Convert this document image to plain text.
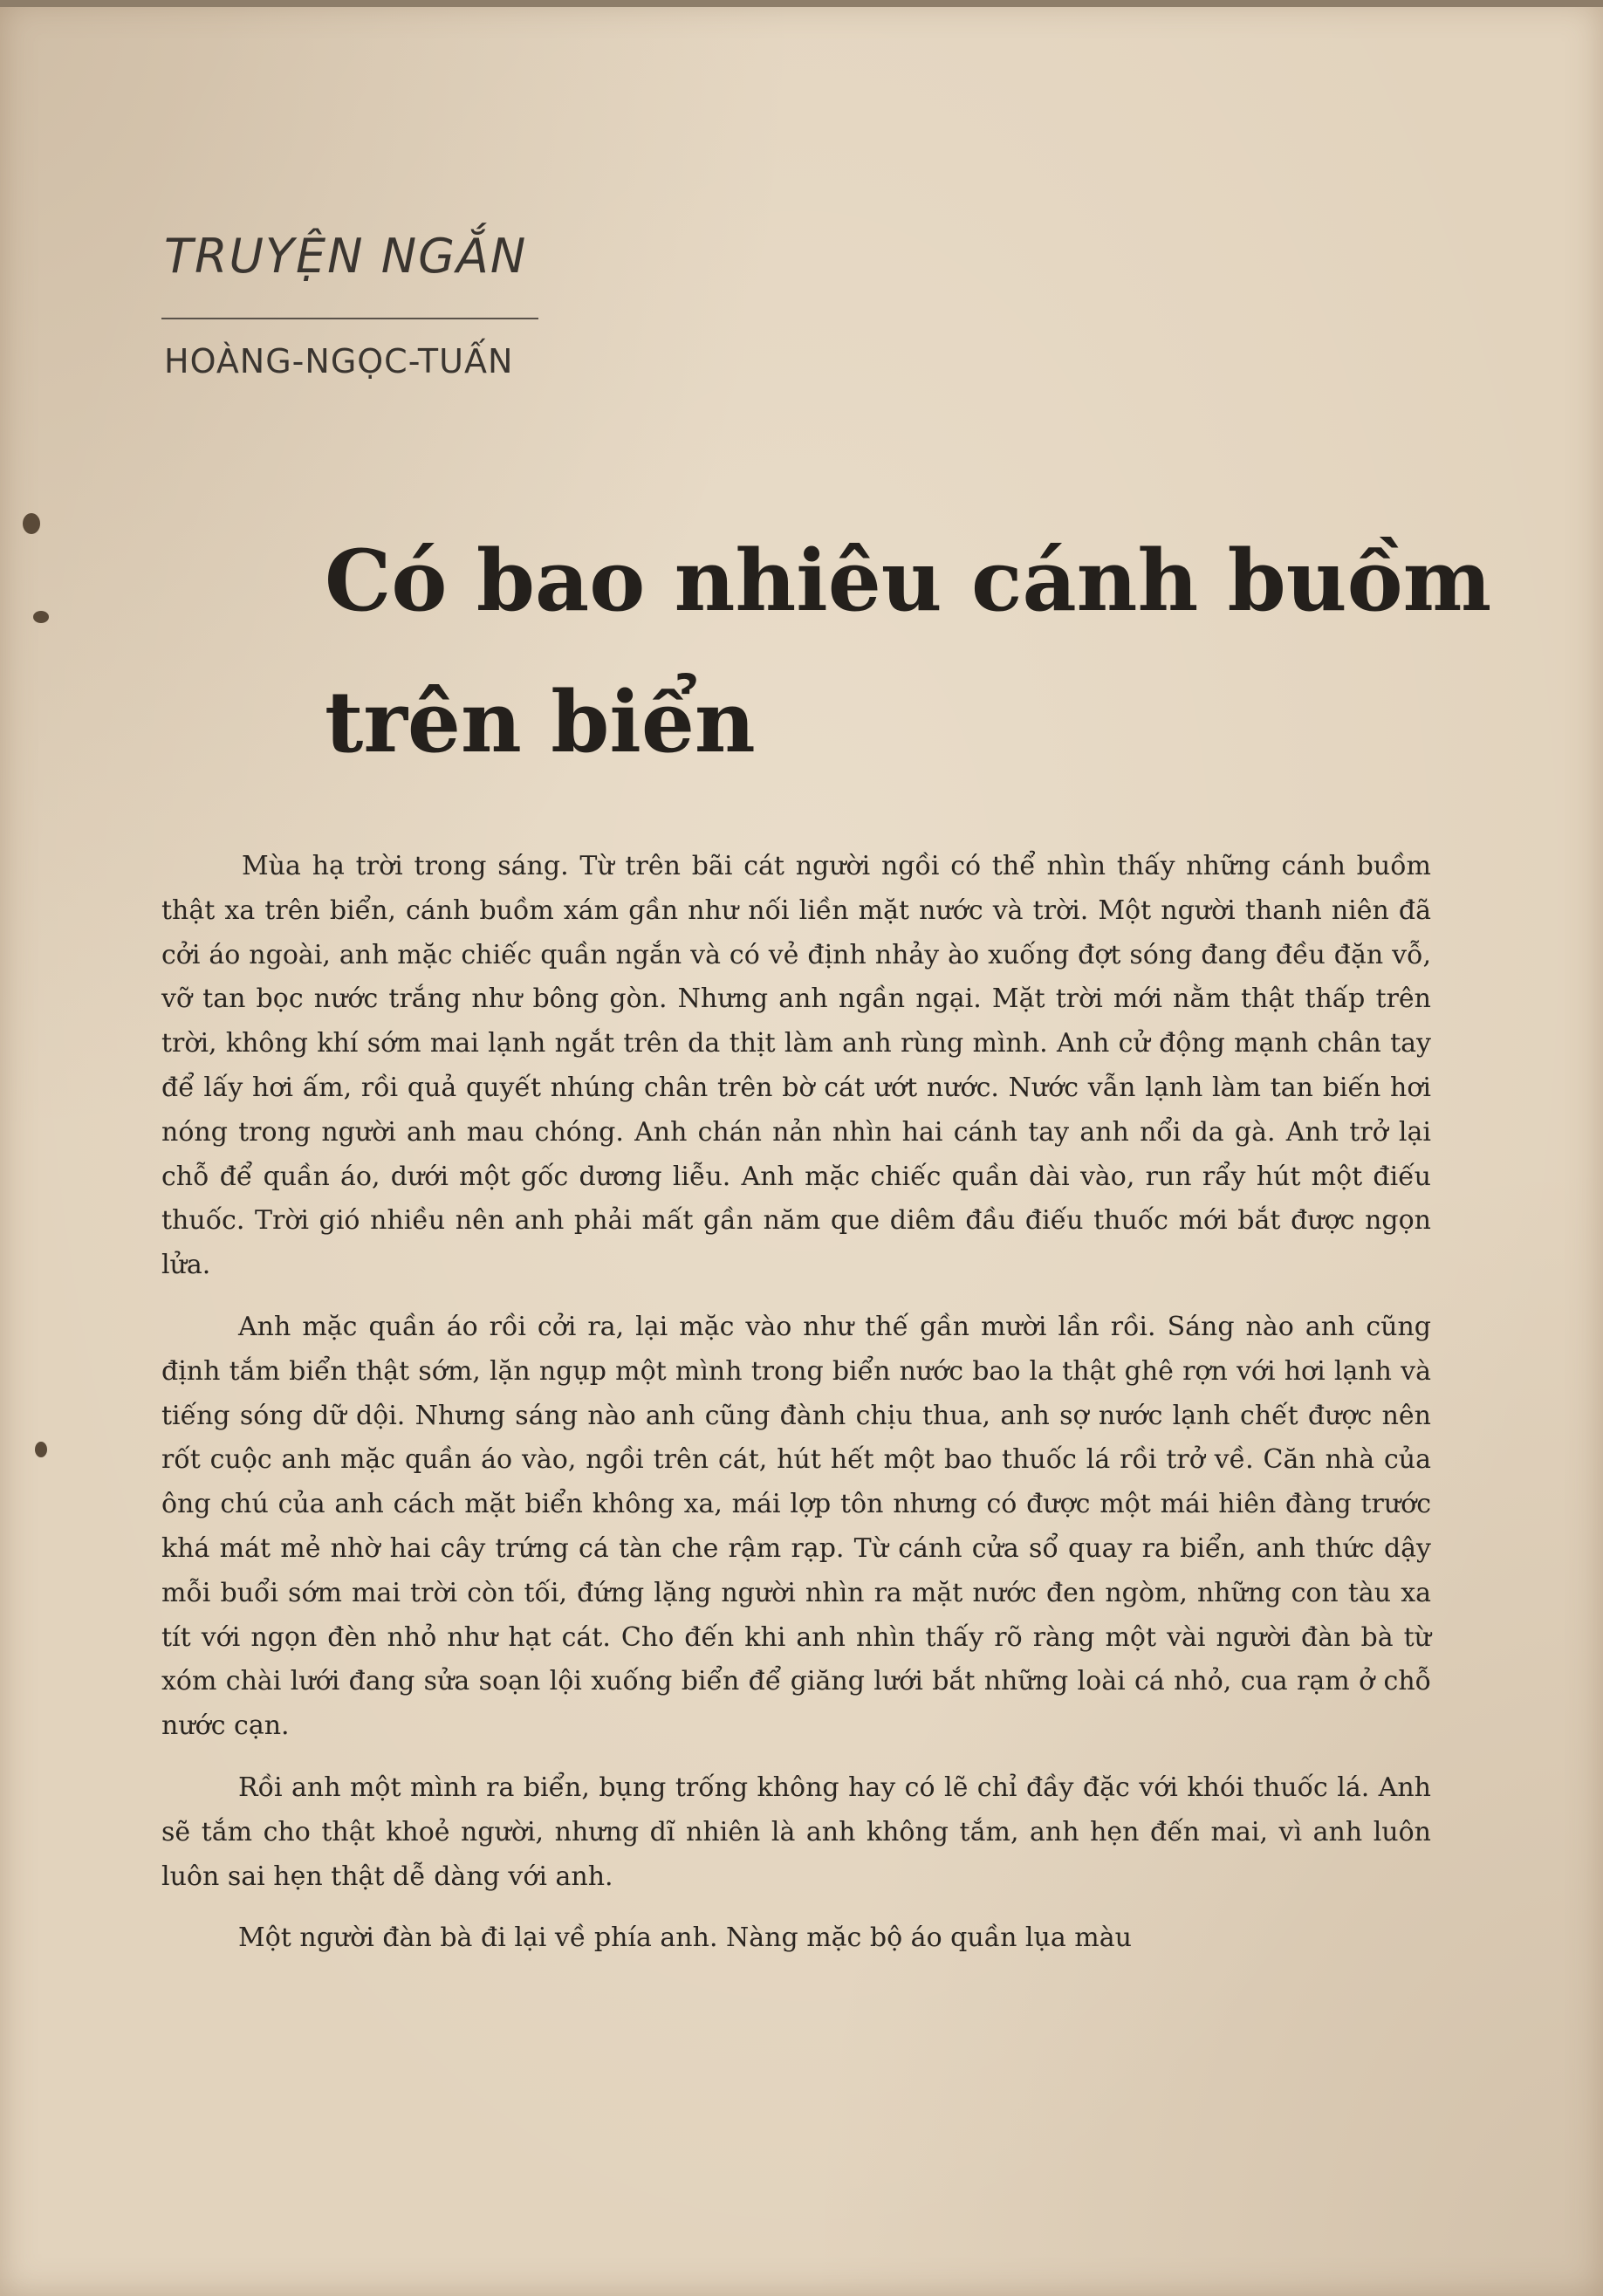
TRUYỆN NGẮN
HOÀNG-NGỌC-TUẤN
Có bao nhiêu cánh buồm
trên biển

Mùa hạ trời trong sáng. Từ trên bãi cát người ngồi có thể nhìn thấy những cánh buồm thật xa trên biển, cánh buồm xám gần như nối liền mặt nước và trời. Một người thanh niên đã cởi áo ngoài, anh mặc chiếc quần ngắn và có vẻ định nhảy ào xuống đợt sóng đang đều đặn vỗ, vỡ tan bọc nước trắng như bông gòn. Nhưng anh ngần ngại. Mặt trời mới nằm thật thấp trên trời, không khí sớm mai lạnh ngắt trên da thịt làm anh rùng mình. Anh cử động mạnh chân tay để lấy hơi ấm, rồi quả quyết nhúng chân trên bờ cát ướt nước. Nước vẫn lạnh làm tan biến hơi nóng trong người anh mau chóng. Anh chán nản nhìn hai cánh tay anh nổi da gà. Anh trở lại chỗ để quần áo, dưới một gốc dương liễu. Anh mặc chiếc quần dài vào, run rẩy hút một điếu thuốc. Trời gió nhiều nên anh phải mất gần năm que diêm đầu điếu thuốc mới bắt được ngọn lửa.

Anh mặc quần áo rồi cởi ra, lại mặc vào như thế gần mười lần rồi. Sáng nào anh cũng định tắm biển thật sớm, lặn ngụp một mình trong biển nước bao la thật ghê rợn với hơi lạnh và tiếng sóng dữ dội. Nhưng sáng nào anh cũng đành chịu thua, anh sợ nước lạnh chết được nên rốt cuộc anh mặc quần áo vào, ngồi trên cát, hút hết một bao thuốc lá rồi trở về. Căn nhà của ông chú của anh cách mặt biển không xa, mái lợp tôn nhưng có được một mái hiên đàng trước khá mát mẻ nhờ hai cây trứng cá tàn che rậm rạp. Từ cánh cửa sổ quay ra biển, anh thức dậy mỗi buổi sớm mai trời còn tối, đứng lặng người nhìn ra mặt nước đen ngòm, những con tàu xa tít với ngọn đèn nhỏ như hạt cát. Cho đến khi anh nhìn thấy rõ ràng một vài người đàn bà từ xóm chài lưới đang sửa soạn lội xuống biển để giăng lưới bắt những loài cá nhỏ, cua rạm ở chỗ nước cạn.

Rồi anh một mình ra biển, bụng trống không hay có lẽ chỉ đầy đặc với khói thuốc lá. Anh sẽ tắm cho thật khoẻ người, nhưng dĩ nhiên là anh không tắm, anh hẹn đến mai, vì anh luôn luôn sai hẹn thật dễ dàng với anh.

Một người đàn bà đi lại về phía anh. Nàng mặc bộ áo quần lụa màu
